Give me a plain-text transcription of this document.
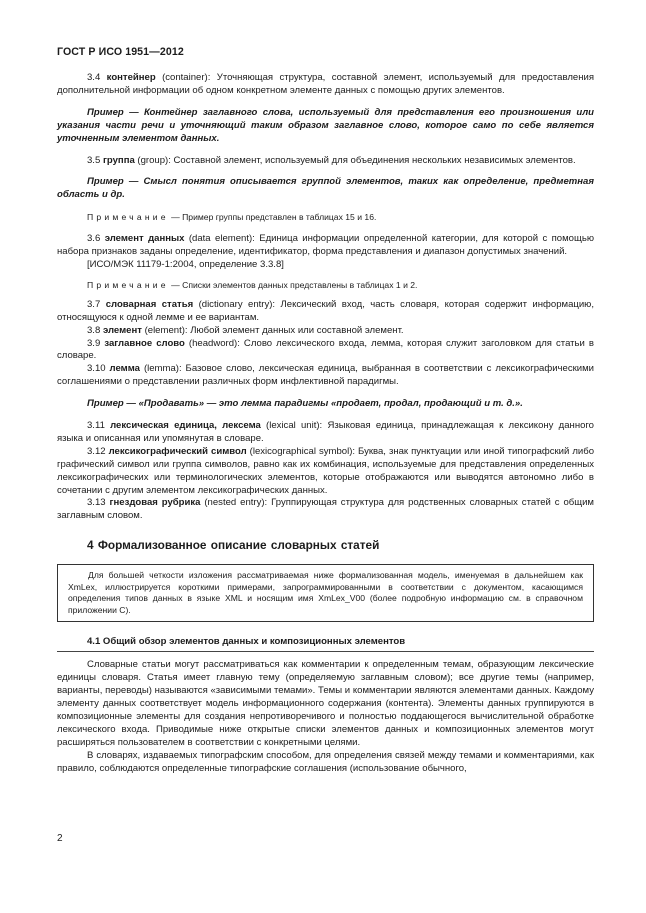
ГОСТ Р ИСО 1951—2012

3.4 контейнер (container): Уточняющая структура, составной элемент, используемый для предоставления дополнительной информации об одном конкретном элементе данных с помощью других элементов.

Пример — Контейнер заглавного слова, используемый для представления его произношения или указания части речи и уточняющий таким образом заглавное слово, которое само по себе является уточненным элементом данных.

3.5 группа (group): Составной элемент, используемый для объединения нескольких независимых элементов.

Пример — Смысл понятия описывается группой элементов, таких как определение, предметная область и др.

Примечание — Пример группы представлен в таблицах 15 и 16.

3.6 элемент данных (data element): Единица информации определенной категории, для которой с помощью набора признаков заданы определение, идентификатор, форма представления и диапазон допустимых значений.

[ИСО/МЭК 11179-1:2004, определение 3.3.8]

Примечание — Списки элементов данных представлены в таблицах 1 и 2.

3.7 словарная статья (dictionary entry): Лексический вход, часть словаря, которая содержит информацию, относящуюся к одной лемме и ее вариантам.

3.8 элемент (element): Любой элемент данных или составной элемент.

3.9 заглавное слово (headword): Слово лексического входа, лемма, которая служит заголовком для статьи в словаре.

3.10 лемма (lemma): Базовое слово, лексическая единица, выбранная в соответствии с лексикографическими соглашениями о представлении различных форм инфлективной парадигмы.

Пример — «Продавать» — это лемма парадигмы «продает, продал, продающий и т. д.».

3.11 лексическая единица, лексема (lexical unit): Языковая единица, принадлежащая к лексикону данного языка и описанная или упомянутая в словаре.

3.12 лексикографический символ (lexicographical symbol): Буква, знак пунктуации или иной типографский либо графический символ или группа символов, равно как их комбинация, используемые для представления определенных лексикографических или терминологических элементов, которые отображаются или выводятся автономно либо в сочетании с другим элементом лексикографических данных.

3.13 гнездовая рубрика (nested entry): Группирующая структура для родственных словарных статей с общим заглавным словом.

4 Формализованное описание словарных статей

Для большей четкости изложения рассматриваемая ниже формализованная модель, именуемая в дальнейшем как XmLex, иллюстрируется короткими примерами, запрограммированными в соответствии с документом, касающимся определения типов данных в языке XML и носящим имя XmLex_V00 (более подробную информацию см. в справочном приложении С).

4.1 Общий обзор элементов данных и композиционных элементов

Словарные статьи могут рассматриваться как комментарии к определенным темам, образующим лексические единицы словаря. Статья имеет главную тему (определяемую заглавным словом); все другие темы (например, варианты, переводы) называются «зависимыми темами». Темы и комментарии являются элементами данных. Каждому элементу данных соответствует модель информационного содержания (контента). Элементы данных группируются в композиционные элементы для создания непротиворечивого и полностью поддающегося вычислительной обработке лексического входа. Приводимые ниже открытые списки элементов данных и композиционных элементов могут расширяться пользователем в соответствии с конкретными целями.

В словарях, издаваемых типографским способом, для определения связей между темами и комментариями, как правило, соблюдаются определенные типографские соглашения (использование обычного,

2
